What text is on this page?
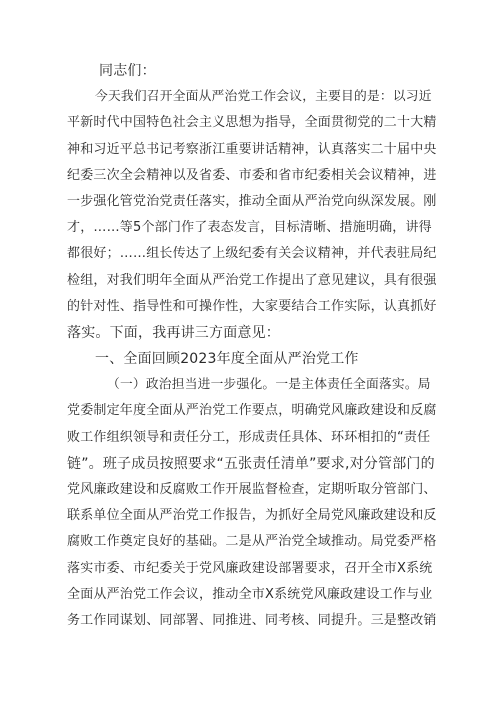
同志们：
今天我们召开全面从严治党工作会议，主要目的是：以习近
平新时代中国特色社会主义思想为指导，全面贯彻党的二十大精
神和习近平总书记考察浙江重要讲话精神，认真落实二十届中央
纪委三次全会精神以及省委、市委和省市纪委相关会议精神，进
一步强化管党治党责任落实，推动全面从严治党向纵深发展。刚
才，……等5个部门作了表态发言，目标清晰、措施明确，讲得
都很好；……组长传达了上级纪委有关会议精神，并代表驻局纪
检组，对我们明年全面从严治党工作提出了意见建议，具有很强
的针对性、指导性和可操作性，大家要结合工作实际，认真抓好
落实。下面，我再讲三方面意见：
一、全面回顾2023年度全面从严治党工作
（一）政治担当进一步强化。一是主体责任全面落实。局
党委制定年度全面从严治党工作要点，明确党风廉政建设和反腐
败工作组织领导和责任分工，形成责任具体、环环相扣的“责任
链”。班子成员按照要求“五张责任清单”要求,对分管部门的
党风廉政建设和反腐败工作开展监督检查，定期听取分管部门、
联系单位全面从严治党工作报告，为抓好全局党风廉政建设和反
腐败工作奠定良好的基础。二是从严治党全域推动。局党委严格
落实市委、市纪委关于党风廉政建设部署要求，召开全市X系统
全面从严治党工作会议，推动全市X系统党风廉政建设工作与业
务工作同谋划、同部署、同推进、同考核、同提升。三是整改销
